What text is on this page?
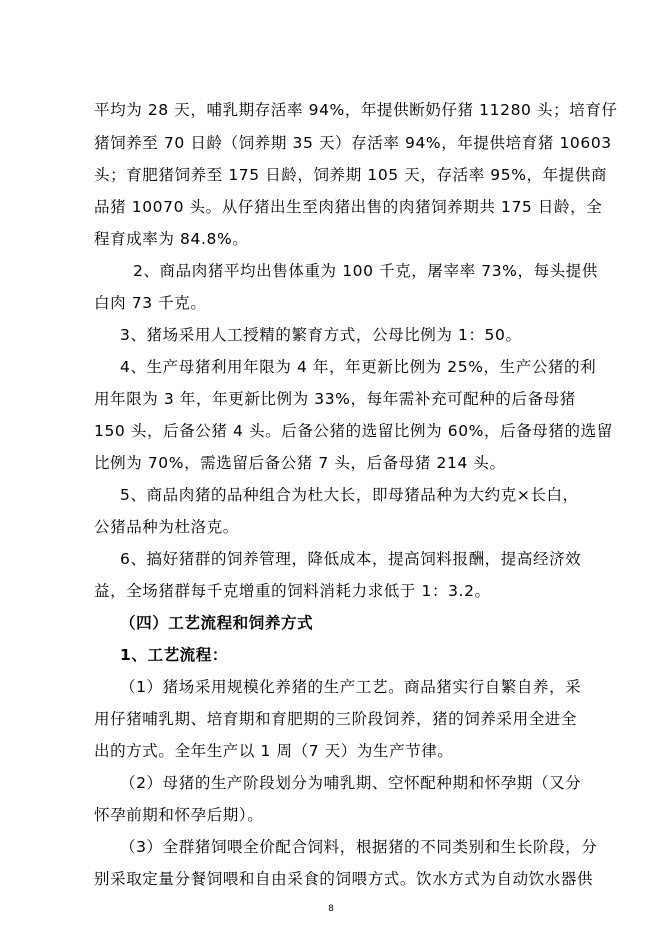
平均为 28 天，哺乳期存活率 94%，年提供断奶仔猪 11280 头；培育仔
猪饲养至 70 日龄（饲养期 35 天）存活率 94%，年提供培育猪 10603
头；育肥猪饲养至 175 日龄，饲养期 105 天，存活率 95%，年提供商
品猪 10070 头。从仔猪出生至肉猪出售的肉猪饲养期共 175 日龄，全
程育成率为 84.8%。
2、商品肉猪平均出售体重为 100 千克，屠宰率 73%，每头提供
白肉 73 千克。
3、猪场采用人工授精的繁育方式，公母比例为 1：50。
4、生产母猪利用年限为 4 年，年更新比例为 25%，生产公猪的利
用年限为 3 年，年更新比例为 33%，每年需补充可配种的后备母猪
150 头，后备公猪 4 头。后备公猪的选留比例为 60%，后备母猪的选留
比例为 70%，需选留后备公猪 7 头，后备母猪 214 头。
5、商品肉猪的品种组合为杜大长，即母猪品种为大约克×长白，
公猪品种为杜洛克。
6、搞好猪群的饲养管理，降低成本，提高饲料报酬，提高经济效
益，全场猪群每千克增重的饲料消耗力求低于 1：3.2。
（四）工艺流程和饲养方式
1、工艺流程：
（1）猪场采用规模化养猪的生产工艺。商品猪实行自繁自养，采
用仔猪哺乳期、培育期和育肥期的三阶段饲养，猪的饲养采用全进全
出的方式。全年生产以 1 周（7 天）为生产节律。
（2）母猪的生产阶段划分为哺乳期、空怀配种期和怀孕期（又分
怀孕前期和怀孕后期）。
（3）全群猪饲喂全价配合饲料，根据猪的不同类别和生长阶段，分
别采取定量分餐饲喂和自由采食的饲喂方式。饮水方式为自动饮水器供
8
